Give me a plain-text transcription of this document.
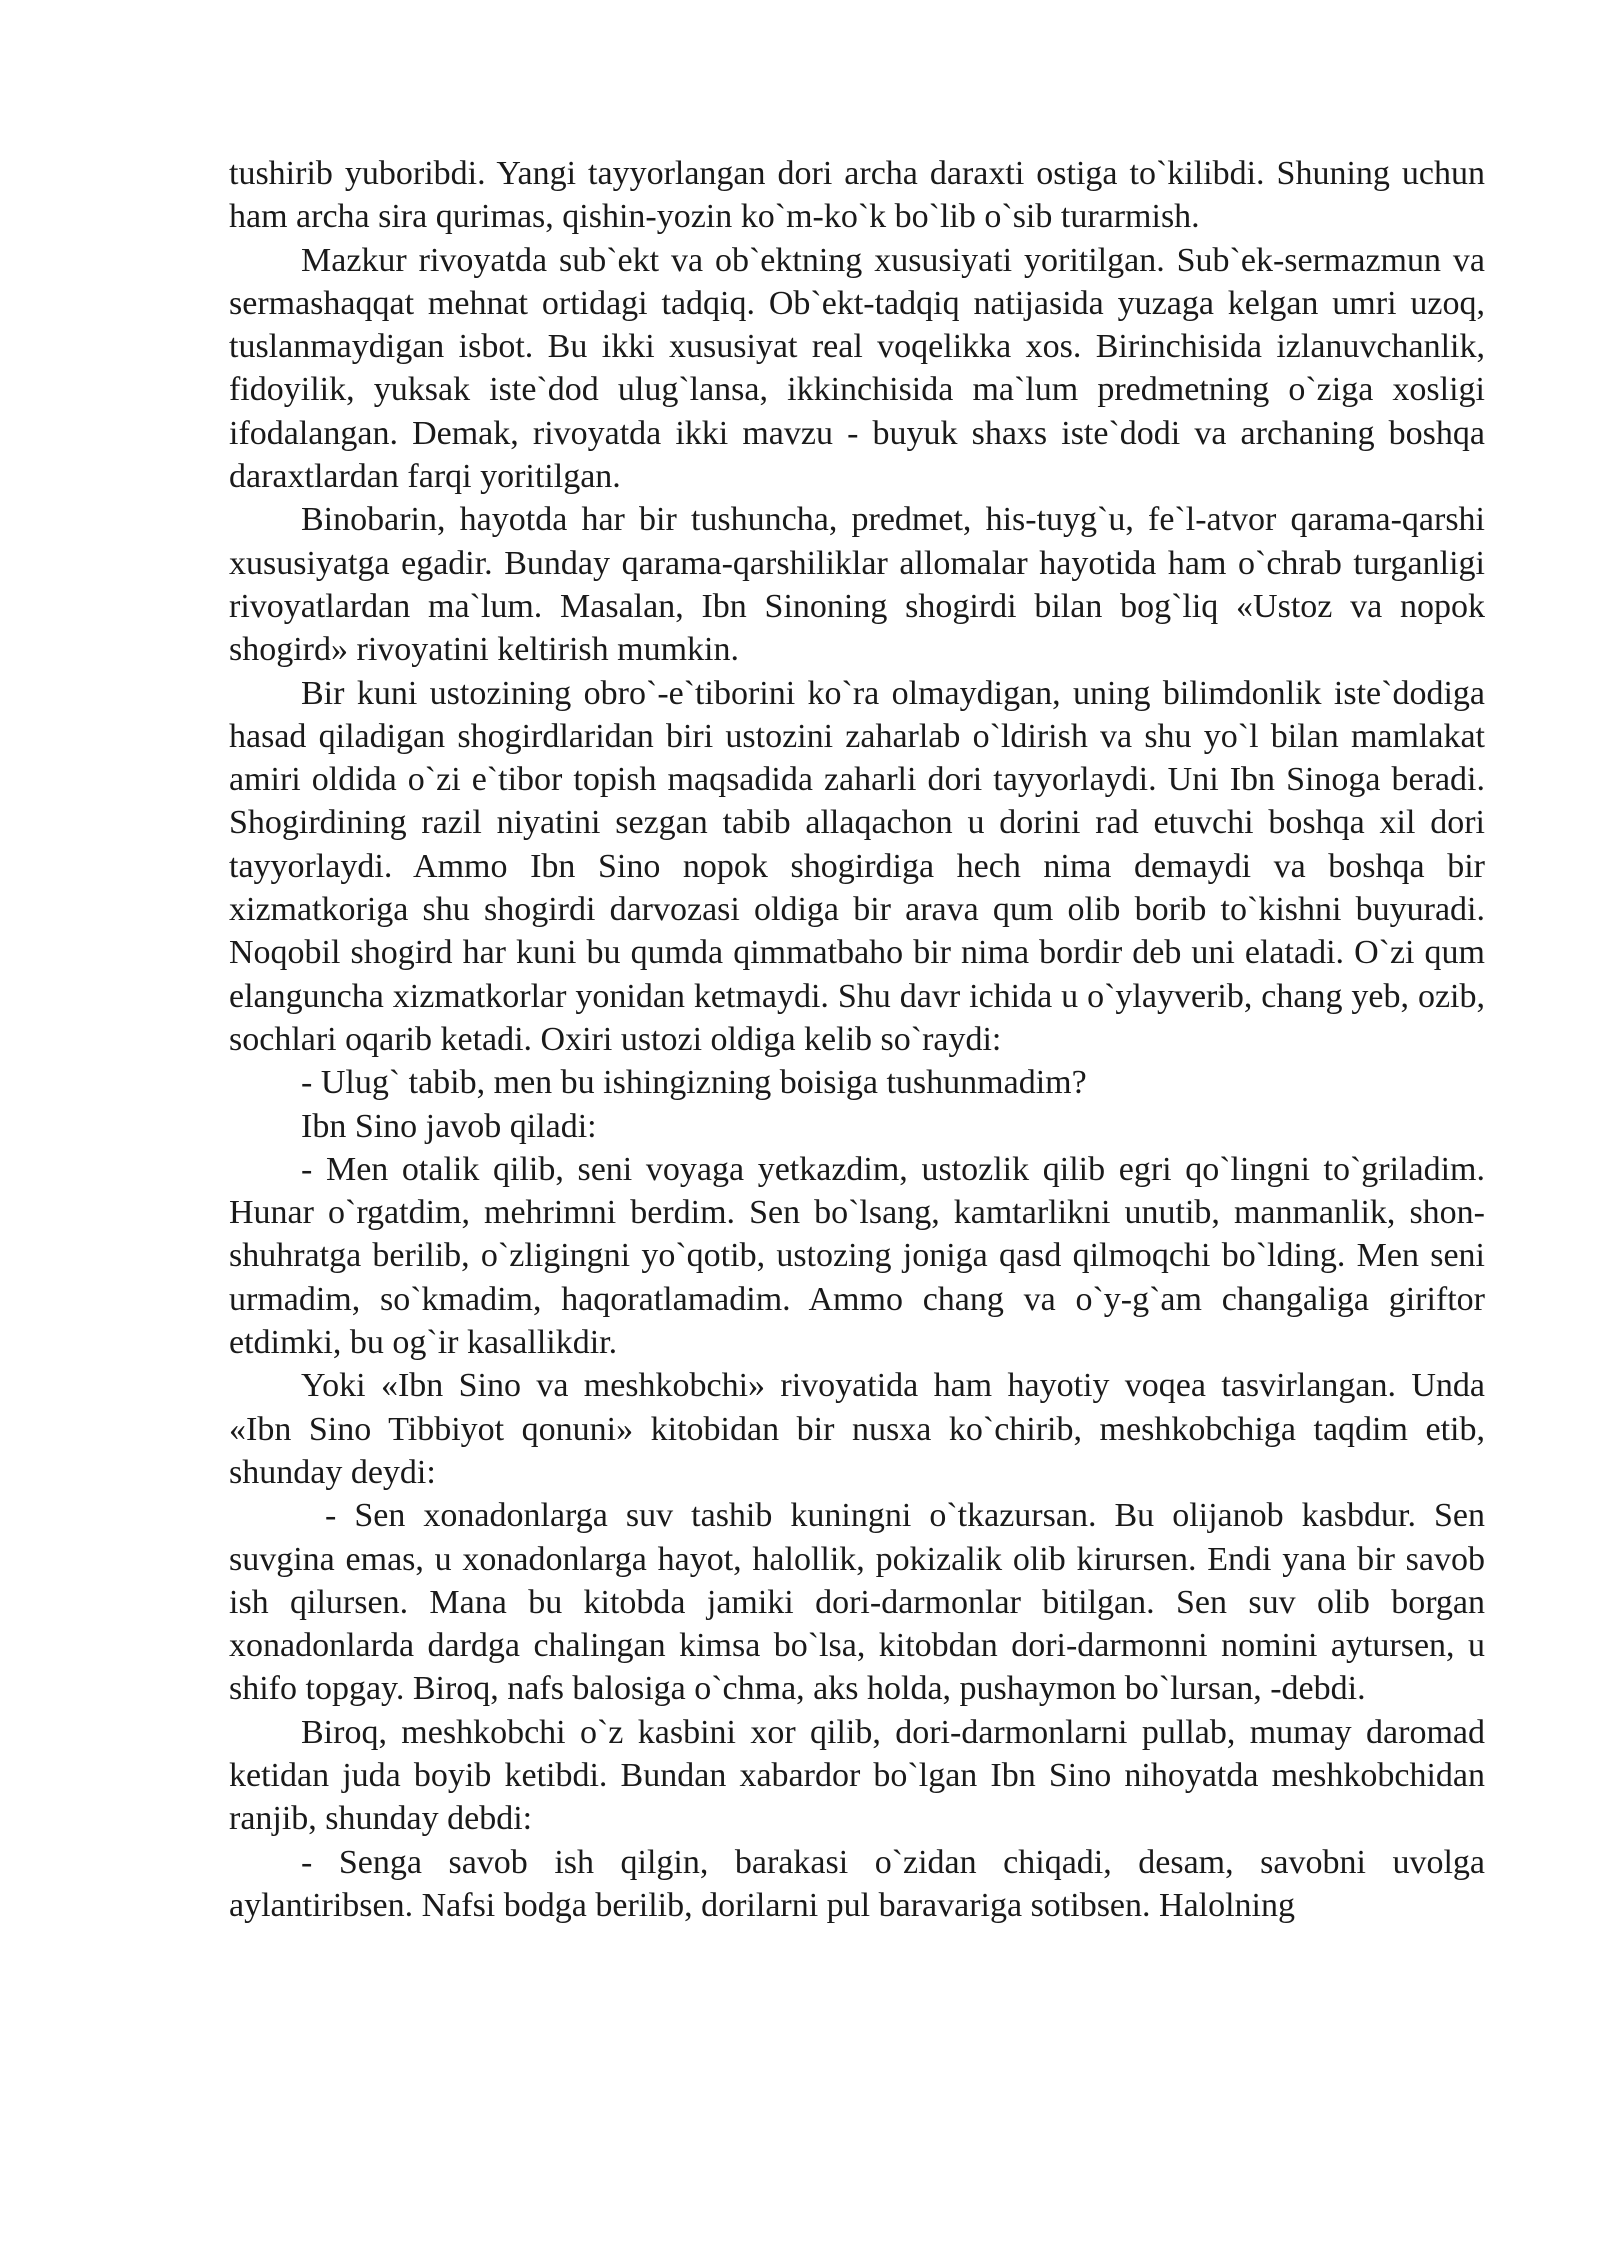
tushirib yuboribdi. Yangi tayyorlangan dori archa daraxti ostiga to`kilibdi. Shuning uchun ham archa sira qurimas, qishin-yozin ko`m-ko`k bo`lib o`sib turarmish.

Mazkur rivoyatda sub`ekt va ob`ektning xususiyati yoritilgan. Sub`ek-sermazmun va sermashaqqat mehnat ortidagi tadqiq. Ob`ekt-tadqiq natijasida yuzaga kelgan umri uzoq, tuslanmaydigan isbot. Bu ikki xususiyat real voqelikka xos. Birinchisida izlanuvchanlik, fidoyilik, yuksak iste`dod ulug`lansa, ikkinchisida ma`lum predmetning o`ziga xosligi ifodalangan. Demak, rivoyatda ikki mavzu - buyuk shaxs iste`dodi va archaning boshqa daraxtlardan farqi yoritilgan.

Binobarin, hayotda har bir tushuncha, predmet, his-tuyg`u, fe`l-atvor qarama-qarshi xususiyatga egadir. Bunday qarama-qarshiliklar allomalar hayotida ham o`chrab turganligi rivoyatlardan ma`lum. Masalan, Ibn Sinoning shogirdi bilan bog`liq «Ustoz va nopok shogird» rivoyatini keltirish mumkin.

Bir kuni ustozining obro`-e`tiborini ko`ra olmaydigan, uning bilimdonlik iste`dodiga hasad qiladigan shogirdlaridan biri ustozini zaharlab o`ldirish va shu yo`l bilan mamlakat amiri oldida o`zi e`tibor topish maqsadida zaharli dori tayyorlaydi. Uni Ibn Sinoga beradi. Shogirdining razil niyatini sezgan tabib allaqachon u dorini rad etuvchi boshqa xil dori tayyorlaydi. Ammo Ibn Sino nopok shogirdiga hech nima demaydi va boshqa bir xizmatkoriga shu shogirdi darvozasi oldiga bir arava qum olib borib to`kishni buyuradi. Noqobil shogird har kuni bu qumda qimmatbaho bir nima bordir deb uni elatadi. O`zi qum elanguncha xizmatkorlar yonidan ketmaydi. Shu davr ichida u o`ylayverib, chang yeb, ozib, sochlari oqarib ketadi. Oxiri ustozi oldiga kelib so`raydi:

- Ulug` tabib, men bu ishingizning boisiga tushunmadim?

Ibn Sino javob qiladi:

- Men otalik qilib, seni voyaga yetkazdim, ustozlik qilib egri qo`lingni to`griladim. Hunar o`rgatdim, mehrimni berdim. Sen bo`lsang, kamtarlikni unutib, manmanlik, shon-shuhratga berilib, o`zligingni yo`qotib, ustozing joniga qasd qilmoqchi bo`lding. Men seni urmadim, so`kmadim, haqoratlamadim. Ammo chang va o`y-g`am changaliga giriftor etdimki, bu og`ir kasallikdir.

Yoki «Ibn Sino va meshkobchi» rivoyatida ham hayotiy voqea tasvirlangan. Unda «Ibn Sino Tibbiyot qonuni» kitobidan bir nusxa ko`chirib, meshkobchiga taqdim etib, shunday deydi:

- Sen xonadonlarga suv tashib kuningni o`tkazursan. Bu olijanob kasbdur. Sen suvgina emas, u xonadonlarga hayot, halollik, pokizalik olib kirursen. Endi yana bir savob ish qilursen. Mana bu kitobda jamiki dori-darmonlar bitilgan. Sen suv olib borgan xonadonlarda dardga chalingan kimsa bo`lsa, kitobdan dori-darmonni nomini aytursen, u shifo topgay. Biroq, nafs balosiga o`chma, aks holda, pushaymon bo`lursan, -debdi.

Biroq, meshkobchi o`z kasbini xor qilib, dori-darmonlarni pullab, mumay daromad ketidan juda boyib ketibdi. Bundan xabardor bo`lgan Ibn Sino nihoyatda meshkobchidan ranjib, shunday debdi:

- Senga savob ish qilgin, barakasi o`zidan chiqadi, desam, savobni uvolga aylantiribsen. Nafsi bodga berilib, dorilarni pul baravariga sotibsen. Halolning
